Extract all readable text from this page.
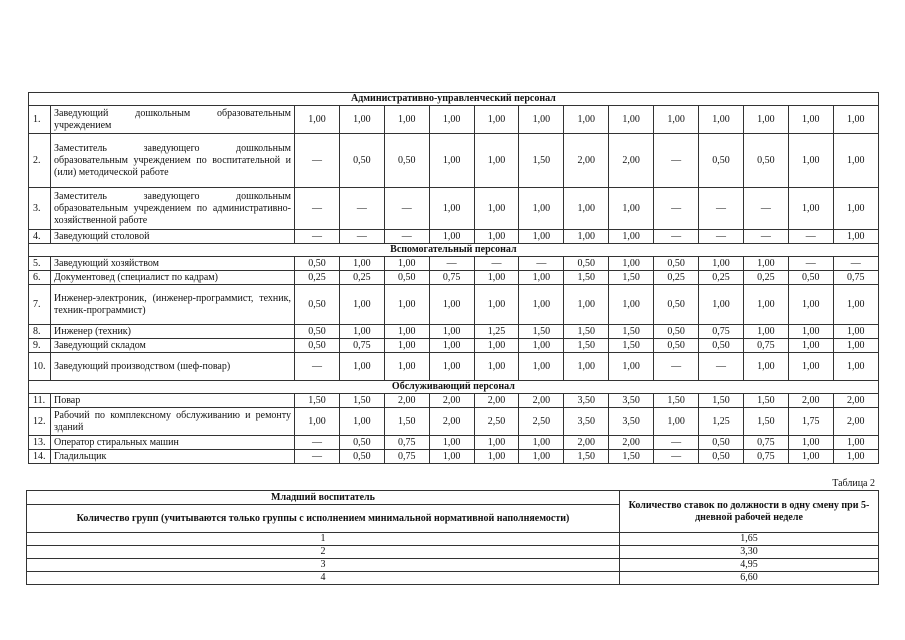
Административно-управленческий персонал														
1.	Заведующий дошкольным образовательным учреждением	1,00	1,00	1,00	1,00	1,00	1,00	1,00	1,00	1,00	1,00	1,00	1,00	1,00
2.	Заместитель заведующего дошкольным образовательным учреждением по воспитательной и (или) методической работе	—	0,50	0,50	1,00	1,00	1,50	2,00	2,00	—	0,50	0,50	1,00	1,00
3.	Заместитель заведующего дошкольным образовательным учреждением по административно-хозяйственной работе	—	—	—	1,00	1,00	1,00	1,00	1,00	—	—	—	1,00	1,00
4.	Заведующий столовой	—	—	—	1,00	1,00	1,00	1,00	1,00	—	—	—	—	1,00
Вспомогательный персонал														
5.	Заведующий хозяйством	0,50	1,00	1,00	—	—	—	0,50	1,00	0,50	1,00	1,00	—	—
6.	Документовед (специалист по кадрам)	0,25	0,25	0,50	0,75	1,00	1,00	1,50	1,50	0,25	0,25	0,25	0,50	0,75
7.	Инженер-электроник, (инженер-программист, техник, техник-программист)	0,50	1,00	1,00	1,00	1,00	1,00	1,00	1,00	0,50	1,00	1,00	1,00	1,00
8.	Инженер (техник)	0,50	1,00	1,00	1,00	1,25	1,50	1,50	1,50	0,50	0,75	1,00	1,00	1,00
9.	Заведующий складом	0,50	0,75	1,00	1,00	1,00	1,00	1,50	1,50	0,50	0,50	0,75	1,00	1,00
10.	Заведующий производством (шеф-повар)	—	1,00	1,00	1,00	1,00	1,00	1,00	1,00	—	—	1,00	1,00	1,00
Обслуживающий персонал														
11.	Повар	1,50	1,50	2,00	2,00	2,00	2,00	3,50	3,50	1,50	1,50	1,50	2,00	2,00
12.	Рабочий по комплексному обслуживанию и ремонту зданий	1,00	1,00	1,50	2,00	2,50	2,50	3,50	3,50	1,00	1,25	1,50	1,75	2,00
13.	Оператор стиральных машин	—	0,50	0,75	1,00	1,00	1,00	2,00	2,00	—	0,50	0,75	1,00	1,00
14.	Гладильщик	—	0,50	0,75	1,00	1,00	1,00	1,50	1,50	—	0,50	0,75	1,00	1,00
Таблица 2
Младший воспитатель	Количество ставок по должности в одну смену при 5-дневной рабочей неделе
Количество групп (учитываются только группы с исполнением минимальной нормативной наполняемости)	
1	1,65
2	3,30
3	4,95
4	6,60
